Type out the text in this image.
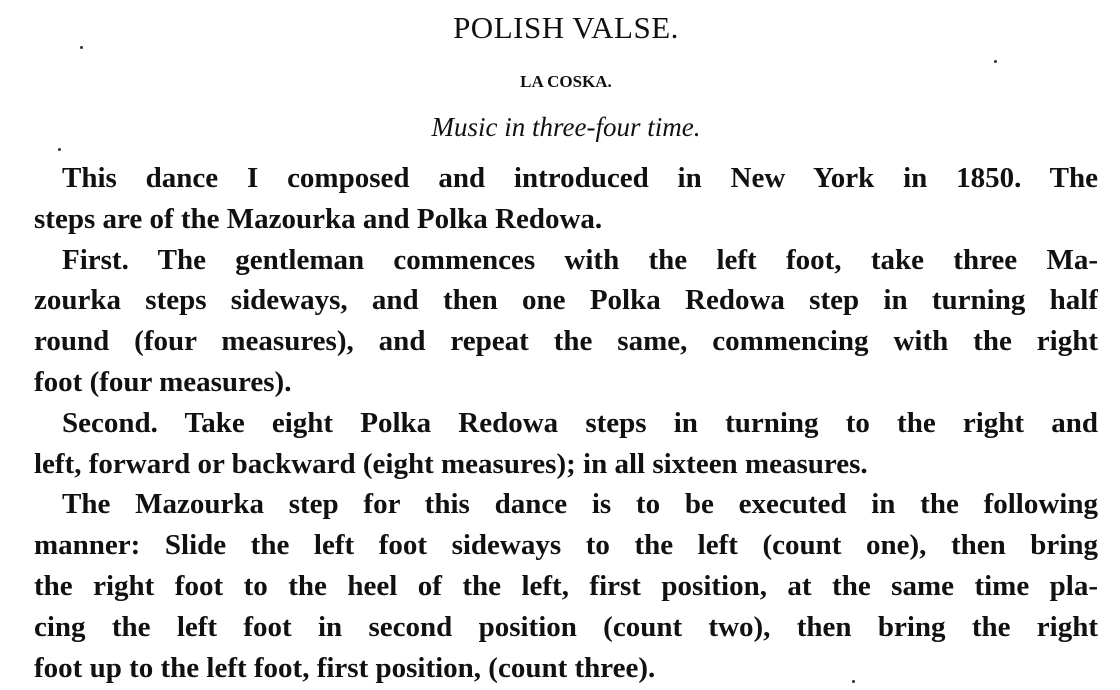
POLISH VALSE.
LA COSKA.
Music in three-four time.
This dance I composed and introduced in New York in 1850. The
steps are of the Mazourka and Polka Redowa.
First. The gentleman commences with the left foot, take three Ma-
zourka steps sideways, and then one Polka Redowa step in turning half
round (four measures), and repeat the same, commencing with the right
foot (four measures).
Second. Take eight Polka Redowa steps in turning to the right and
left, forward or backward (eight measures); in all sixteen measures.
The Mazourka step for this dance is to be executed in the following
manner: Slide the left foot sideways to the left (count one), then bring
the right foot to the heel of the left, first position, at the same time pla-
cing the left foot in second position (count two), then bring the right
foot up to the left foot, first position, (count three).
